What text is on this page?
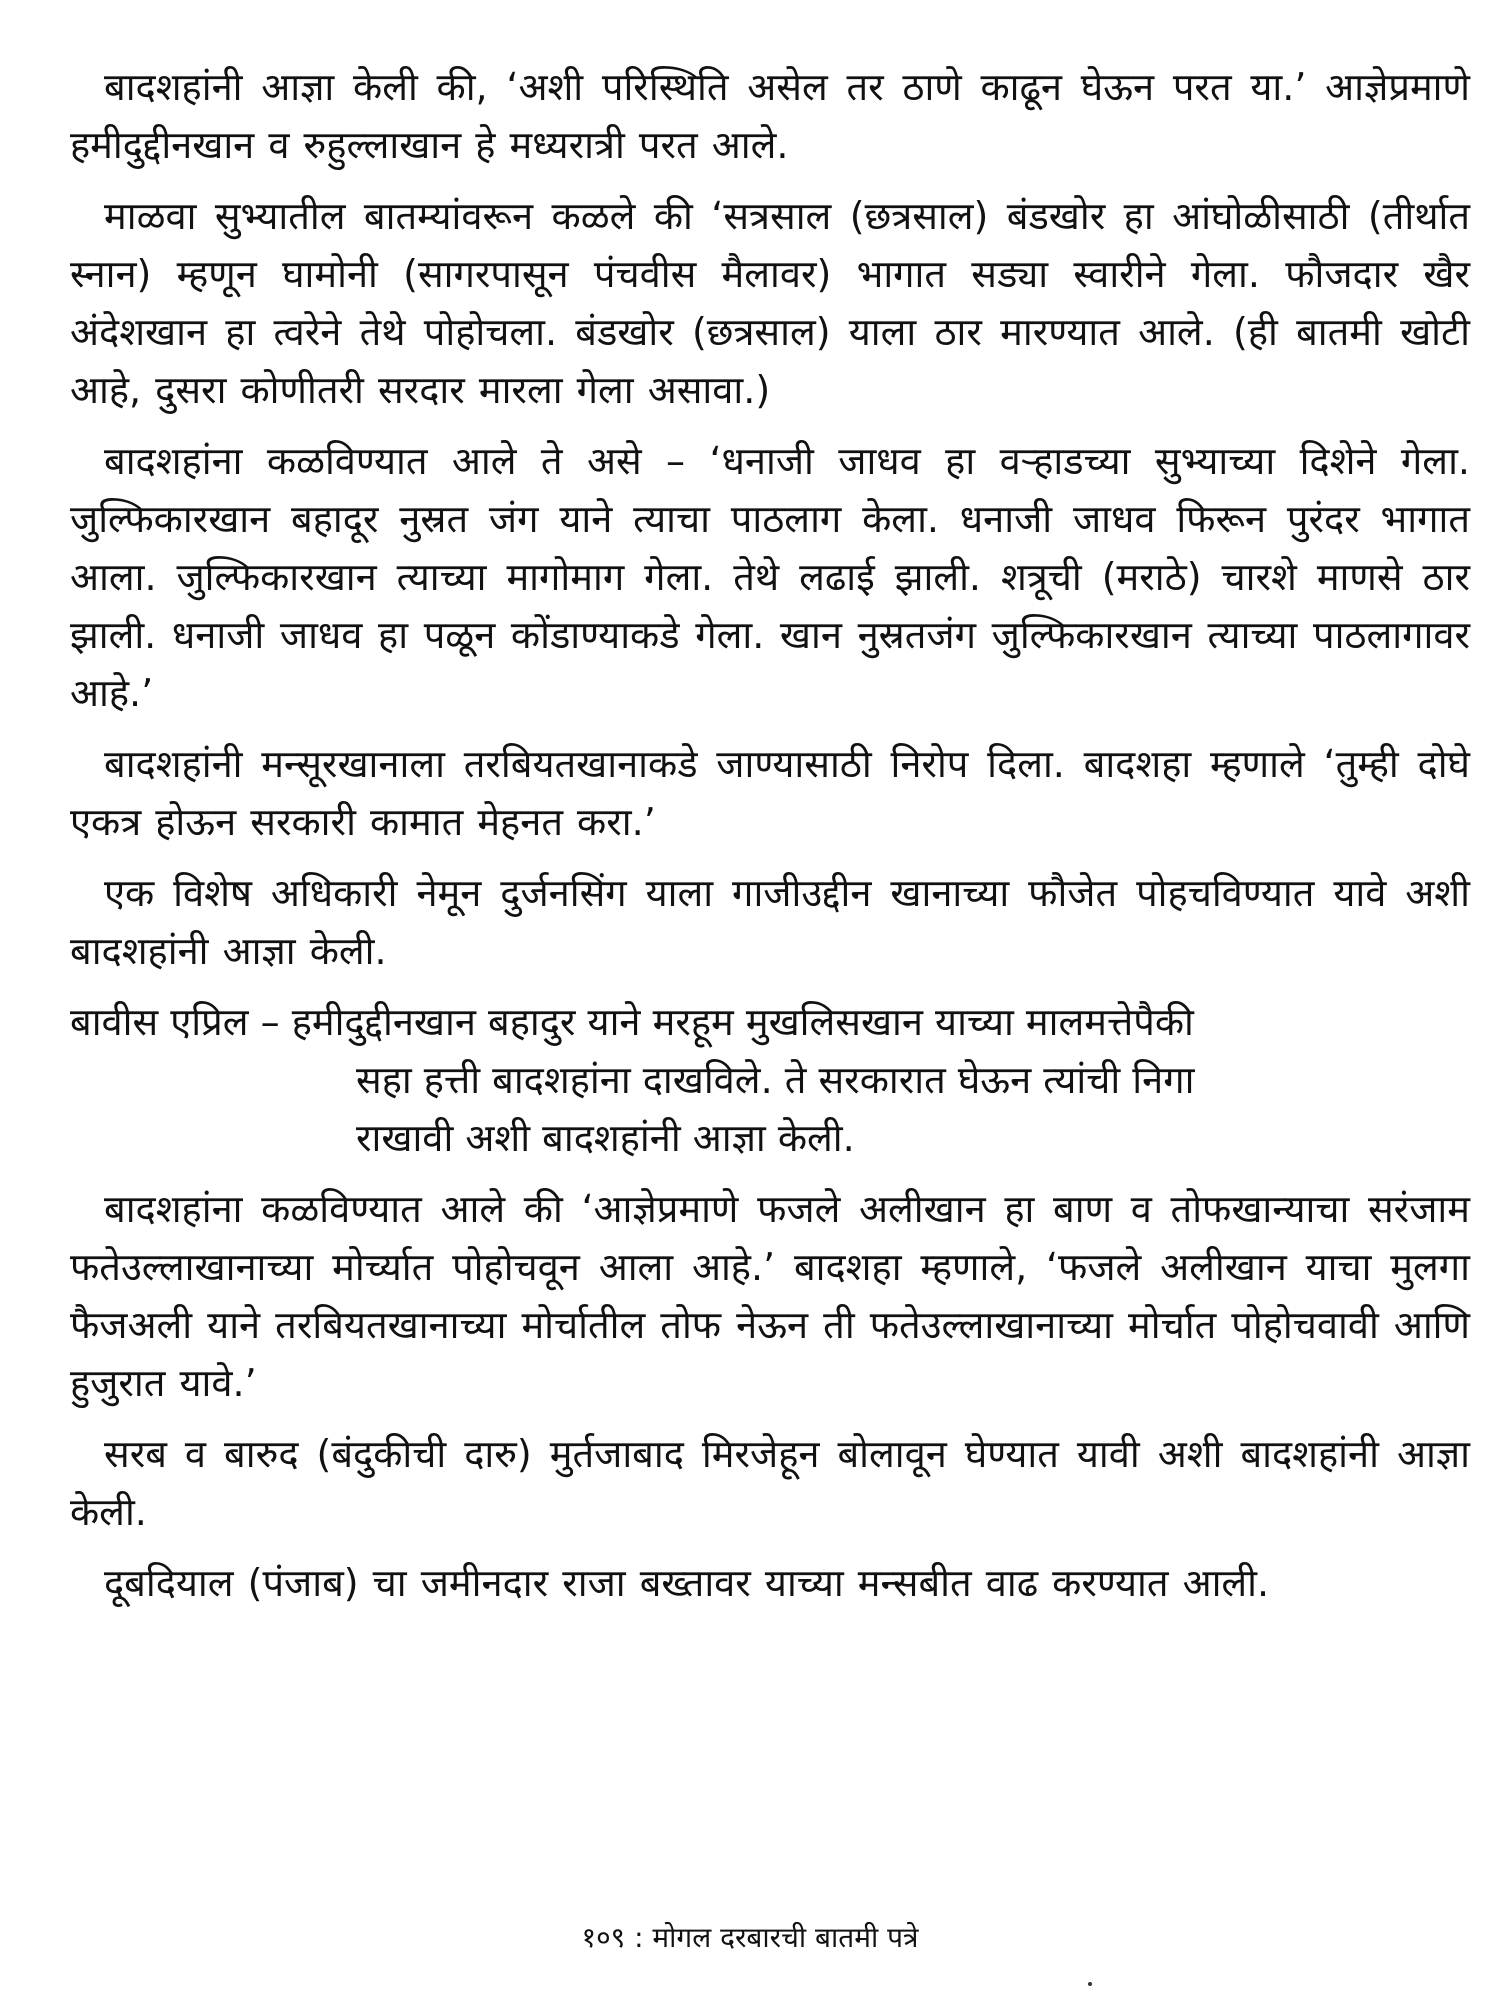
बादशहांनी आज्ञा केली की, ‘अशी परिस्थिति असेल तर ठाणे काढून घेऊन परत या.’ आज्ञेप्रमाणे हमीदुद्दीनखान व रुहुल्लाखान हे मध्यरात्री परत आले.

माळवा सुभ्यातील बातम्यांवरून कळले की ‘सत्रसाल (छत्रसाल) बंडखोर हा आंघोळीसाठी (तीर्थात स्नान) म्हणून घामोनी (सागरपासून पंचवीस मैलावर) भागात सड्या स्वारीने गेला. फौजदार खैर अंदेशखान हा त्वरेने तेथे पोहोचला. बंडखोर (छत्रसाल) याला ठार मारण्यात आले. (ही बातमी खोटी आहे, दुसरा कोणीतरी सरदार मारला गेला असावा.)

बादशहांना कळविण्यात आले ते असे – ‘धनाजी जाधव हा वऱ्हाडच्या सुभ्याच्या दिशेने गेला. जुल्फिकारखान बहादूर नुस्रत जंग याने त्याचा पाठलाग केला. धनाजी जाधव फिरून पुरंदर भागात आला. जुल्फिकारखान त्याच्या मागोमाग गेला. तेथे लढाई झाली. शत्रूची (मराठे) चारशे माणसे ठार झाली. धनाजी जाधव हा पळून कोंडाण्याकडे गेला. खान नुस्रतजंग जुल्फिकारखान त्याच्या पाठलागावर आहे.’

बादशहांनी मन्सूरखानाला तरबियतखानाकडे जाण्यासाठी निरोप दिला. बादशहा म्हणाले ‘तुम्ही दोघे एकत्र होऊन सरकारी कामात मेहनत करा.’

एक विशेष अधिकारी नेमून दुर्जनसिंग याला गाजीउद्दीन खानाच्या फौजेत पोहचविण्यात यावे अशी बादशहांनी आज्ञा केली.

बावीस एप्रिल – हमीदुद्दीनखान बहादुर याने मरहूम मुखलिसखान याच्या मालमत्तेपैकी
सहा हत्ती बादशहांना दाखविले. ते सरकारात घेऊन त्यांची निगा
राखावी अशी बादशहांनी आज्ञा केली.

बादशहांना कळविण्यात आले की ‘आज्ञेप्रमाणे फजले अलीखान हा बाण व तोफखान्याचा सरंजाम फतेउल्लाखानाच्या मोर्च्यात पोहोचवून आला आहे.’ बादशहा म्हणाले, ‘फजले अलीखान याचा मुलगा फैजअली याने तरबियतखानाच्या मोर्चातील तोफ नेऊन ती फतेउल्लाखानाच्या मोर्चात पोहोचवावी आणि हुजुरात यावे.’

सरब व बारुद (बंदुकीची दारु) मुर्तजाबाद मिरजेहून बोलावून घेण्यात यावी अशी बादशहांनी आज्ञा केली.

दूबदियाल (पंजाब) चा जमीनदार राजा बख्तावर याच्या मन्सबीत वाढ करण्यात आली.

१०९ : मोगल दरबारची बातमी पत्रे
